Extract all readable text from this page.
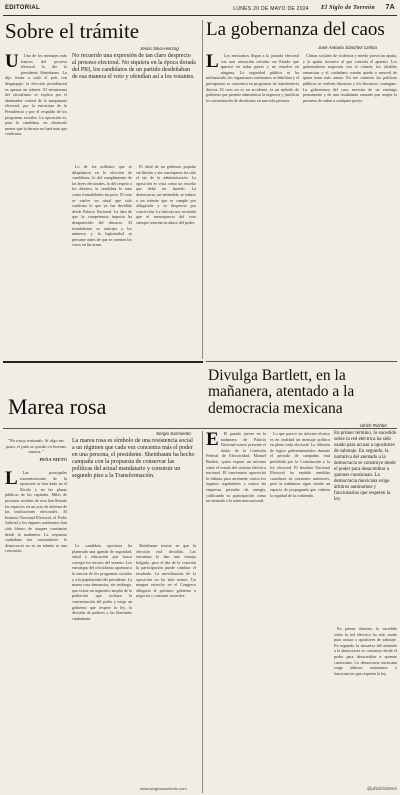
EDITORIAL	LUNES 20 DE MAYO DE 2024 El Siglo de Torreón 7A
Sobre el trámite
Jesús Silva-Herzog
U	Uno de los mensajes más francos del proceso electoral lo dio la presidenta Sheinbaum. Lo dijo frente a todo el país con desparpajo: la elección presidencial es apenas un trámite. El entusiasmo del oficialismo se explica por el abrumador control de la maquinaria electoral, por la estructura de la Presidencia y por el respaldo de los programas sociales. La oposición es, para la candidata, un obstáculo menor que la derrota no hará más que confirmar.

No recuerdo una expresión de tan claro desprecio al proceso electoral. No siquiera en la época dorada del PRI, los candidatos de un partido desdeñaban de esa manera el voto y ofendían así a los votantes.

Lo de los millones que se dilapidaron en la elección de candidatos, lo del cumplimiento de las leyes electorales, lo del respeto a los árbitros, la candidata lo trata como formalidades sin peso. El voto se vuelve un ritual que solo confirma lo que ya fue decidido desde Palacio Nacional. La idea de que la competencia importa ha desaparecido del discurso. El triunfalismo se anticipa a los números y la legitimidad se presume antes de que se cuenten los votos en las urnas.

El ideal de un gobierno popular sin límites y sin contrapesos ha sido el eje de la administración. La oposición es vista como un estorbo que debe ser barrido. La democracia, así entendida, se reduce a un trámite que se cumple por obligación y se desprecia por convicción. La historia nos recuerda que el menosprecio del voto siempre termina en abuso del poder.

La gobernanza del caos
José Antonio Sánchez Cetina
L	Los mexicanos llegan a la jornada electoral con una sensación extraña: un Estado que aparece en todas partes y no resuelve en ninguna. La seguridad pública se ha militarizado, los organismos autónomos se debilitan y el presupuesto se concentra en programas de transferencia directa. El caos no es un accidente, es un método de gobierno que permite administrar la urgencia y justificar la concentración de decisiones en una sola persona.

Climas sociales de violencia y miedo provocan apatía, y la apatía favorece al que controla el aparato. Los gobernadores negocian con el crimen, los alcaldes renuncian y el ciudadano común queda a merced de quien tiene más armas. En ese contexto las políticas públicas se vuelven discursos y los discursos, consignas. La gobernanza del caos necesita de un enemigo permanente y de una ciudadanía cansada que acepte la promesa de orden a cualquier precio.

Divulga Bartlett, en la mañanera, atentado a la democracia mexicana
Ulrich Richter
Marea rosa
Sergio Sarmiento
"No estoy tratando. Si algo me pasa, el país se queda en buenas manos."
PEÑA NIETO
L	Las principales concentraciones de la oposición se han dado en el Zócalo y en las plazas públicas de las capitales. Miles de personas vestidas de rosa han llenado los espacios en un acto de defensa de las instituciones electorales. El Instituto Nacional Electoral, el Poder Judicial y los órganos autónomos han sido blanco de ataques constantes desde la mañanera. La respuesta ciudadana fue contundente: la democracia no es un trámite ni una concesión.

La marea rosa es símbolo de una resistencia social a un régimen que cada vez concentra más el poder en una persona, el presidente. Sheinbaum ha hecho campaña con la propuesta de conservar las políticas del actual mandatario y construir un segundo piso a la Transformación.

La candidata opositora ha planteado una agenda de seguridad, salud y educación que busca corregir los errores del sexenio. Los estrategas del oficialismo apuestan a la inercia de los programas sociales y a la popularidad del presidente. La marea rosa demuestra, sin embargo, que existe un segmento amplio de la población que rechaza la concentración del poder y exige un gobierno que respete la ley, la división de poderes y las libertades ciudadanas.

Sheinbaum insiste en que la elección está decidida. Las encuestas le dan una ventaja holgada, pero el día de la votación la participación puede cambiar el resultado. La movilización de la oposición no ha sido menor. Un margen estrecho en el Congreso obligaría al próximo gobierno a negociar y construir acuerdos.

www.sergiosarmiento.com
E	El pasado jueves en la mañanera de Palacio Nacional estuvo presente el titular de la Comisión Federal de Electricidad, Manuel Bartlett, quien expuso un informe sobre el estado del sistema eléctrico nacional. El funcionario aprovechó la tribuna para arremeter contra los órganos reguladores y contra las empresas privadas de energía, calificando su participación como un atentado a la soberanía nacional.

Lo que parece un informe técnico es en realidad un mensaje político en plena veda electoral. La difusión de logros gubernamentales durante el periodo de campañas está prohibida por la Constitución y la ley electoral. El Instituto Nacional Electoral ha emitido medidas cautelares en ocasiones anteriores, pero la mañanera sigue siendo un espacio de propaganda que vulnera la equidad de la contienda.

En primer término, lo sucedido sobre la red eléctrica ha sido usado para acusar a opositores de sabotaje. En segundo, la narrativa del atentado a la democracia se construye desde el poder para desacreditar a quienes cuestionan. La democracia mexicana exige árbitros autónomos y funcionarios que respeten la ley.

En primer término, lo sucedido sobre la red eléctrica ha sido usado para acusar a opositores de sabotaje. En segundo, la narrativa del atentado a la democracia se construye desde el poder para desacreditar a quienes cuestionan. La democracia mexicana exige árbitros autónomos y funcionarios que respeten la ley.

@ulrichrichterm
